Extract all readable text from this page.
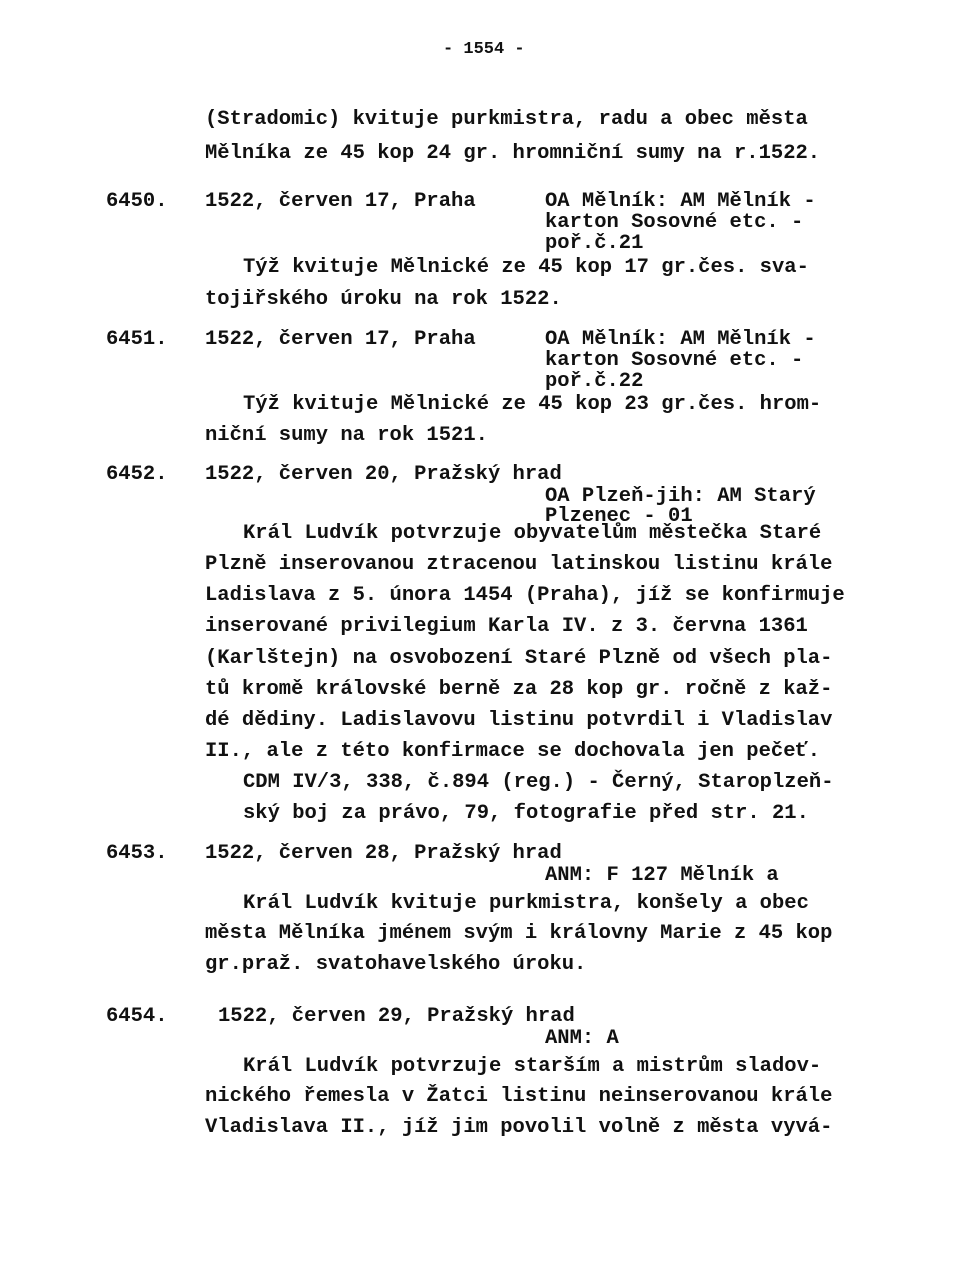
- 1554 -
(Stradomic) kvituje purkmistra, radu a obec města
Mělníka ze 45 kop 24 gr. hromniční sumy na r.1522.
6450. 1522, červen 17, Praha	OA Mělník: AM Mělník -
karton Sosovné etc. -
poř.č.21
Týž kvituje Mělnické ze 45 kop 17 gr.čes. sva-
tojiřského úroku na rok 1522.
6451. 1522, červen 17, Praha	OA Mělník: AM Mělník -
karton Sosovné etc. -
poř.č.22
Týž kvituje Mělnické ze 45 kop 23 gr.čes. hrom-
niční sumy na rok 1521.
6452. 1522, červen 20, Pražský hrad
OA Plzeň-jih: AM Starý
Plzenec - 01
Král Ludvík potvrzuje obyvatelům městečka Staré
Plzně inserovanou ztracenou latinskou listinu krále
Ladislava z 5. února 1454 (Praha), jíž se konfirmuje
inserované privilegium Karla IV. z 3. června 1361
(Karlštejn) na osvobození Staré Plzně od všech pla-
tů kromě královské berně za 28 kop gr. ročně z kaž-
dé dědiny. Ladislavovu listinu potvrdil i Vladislav
II., ale z této konfirmace se dochovala jen pečeť.
CDM IV/3, 338, č.894 (reg.) - Černý, Staroplzeň-
ský boj za právo, 79, fotografie před str. 21.
6453. 1522, červen 28, Pražský hrad
ANM: F 127 Mělník a
Král Ludvík kvituje purkmistra, konšely a obec
města Mělníka jménem svým i královny Marie z 45 kop
gr.praž. svatohavelského úroku.
6454. 1522, červen 29, Pražský hrad
ANM: A
Král Ludvík potvrzuje starším a mistrům sladov-
nického řemesla v Žatci listinu neinserovanou krále
Vladislava II., jíž jim povolil volně z města vyvá-
